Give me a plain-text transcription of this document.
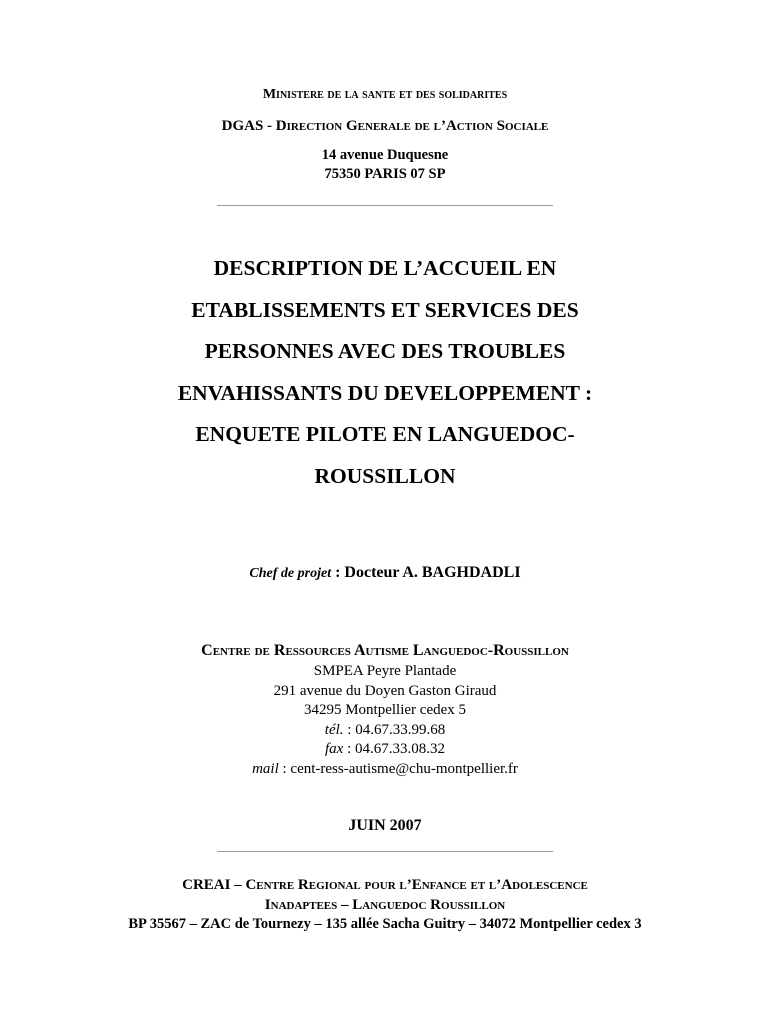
Ministere de la sante et des solidarites
DGAS - Direction Generale de l’Action Sociale
14 avenue Duquesne
75350 PARIS 07 SP
DESCRIPTION DE L’ACCUEIL EN
ETABLISSEMENTS ET SERVICES DES
PERSONNES AVEC DES TROUBLES
ENVAHISSANTS DU DEVELOPPEMENT :
ENQUETE PILOTE EN LANGUEDOC-
ROUSSILLON
Chef de projet : Docteur A. BAGHDADLI
Centre de Ressources Autisme Languedoc-Roussillon
SMPEA Peyre Plantade
291 avenue du Doyen Gaston Giraud
34295 Montpellier cedex 5
tél. : 04.67.33.99.68
fax : 04.67.33.08.32
mail : cent-ress-autisme@chu-montpellier.fr
JUIN 2007
CREAI – Centre Regional pour l’Enfance et l’Adolescence
Inadaptees – Languedoc Roussillon
BP 35567 – ZAC de Tournezy – 135 allée Sacha Guitry – 34072 Montpellier cedex 3
